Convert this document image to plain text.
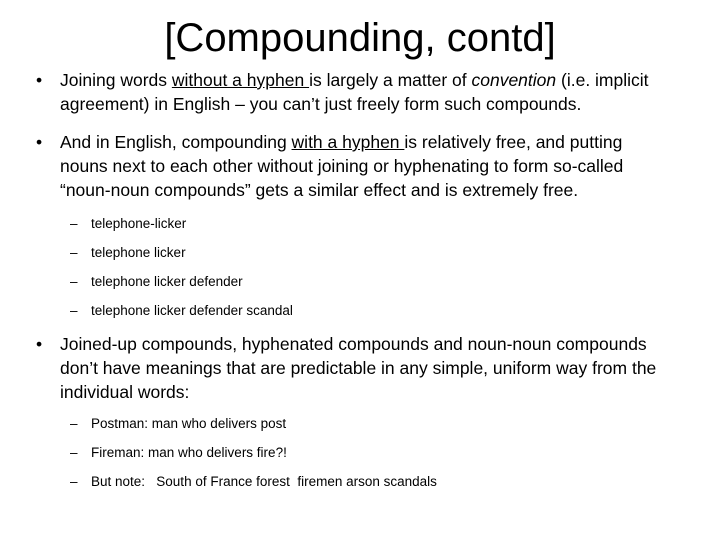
[Compounding, contd]
• Joining words without a hyphen is largely a matter of convention (i.e. implicit
agreement) in English – you can’t just freely form such compounds.
• And in English, compounding with a hyphen is relatively free, and putting
nouns next to each other without joining or hyphenating to form so-called
“noun-noun compounds” gets a similar effect and is extremely free.
– telephone-licker
– telephone licker
– telephone licker defender
– telephone licker defender scandal
• Joined-up compounds, hyphenated compounds and noun-noun compounds
don’t have meanings that are predictable in any simple, uniform way from the
individual words:
– Postman: man who delivers post
– Fireman: man who delivers fire?!
– But note:   South of France forest  firemen arson scandals
